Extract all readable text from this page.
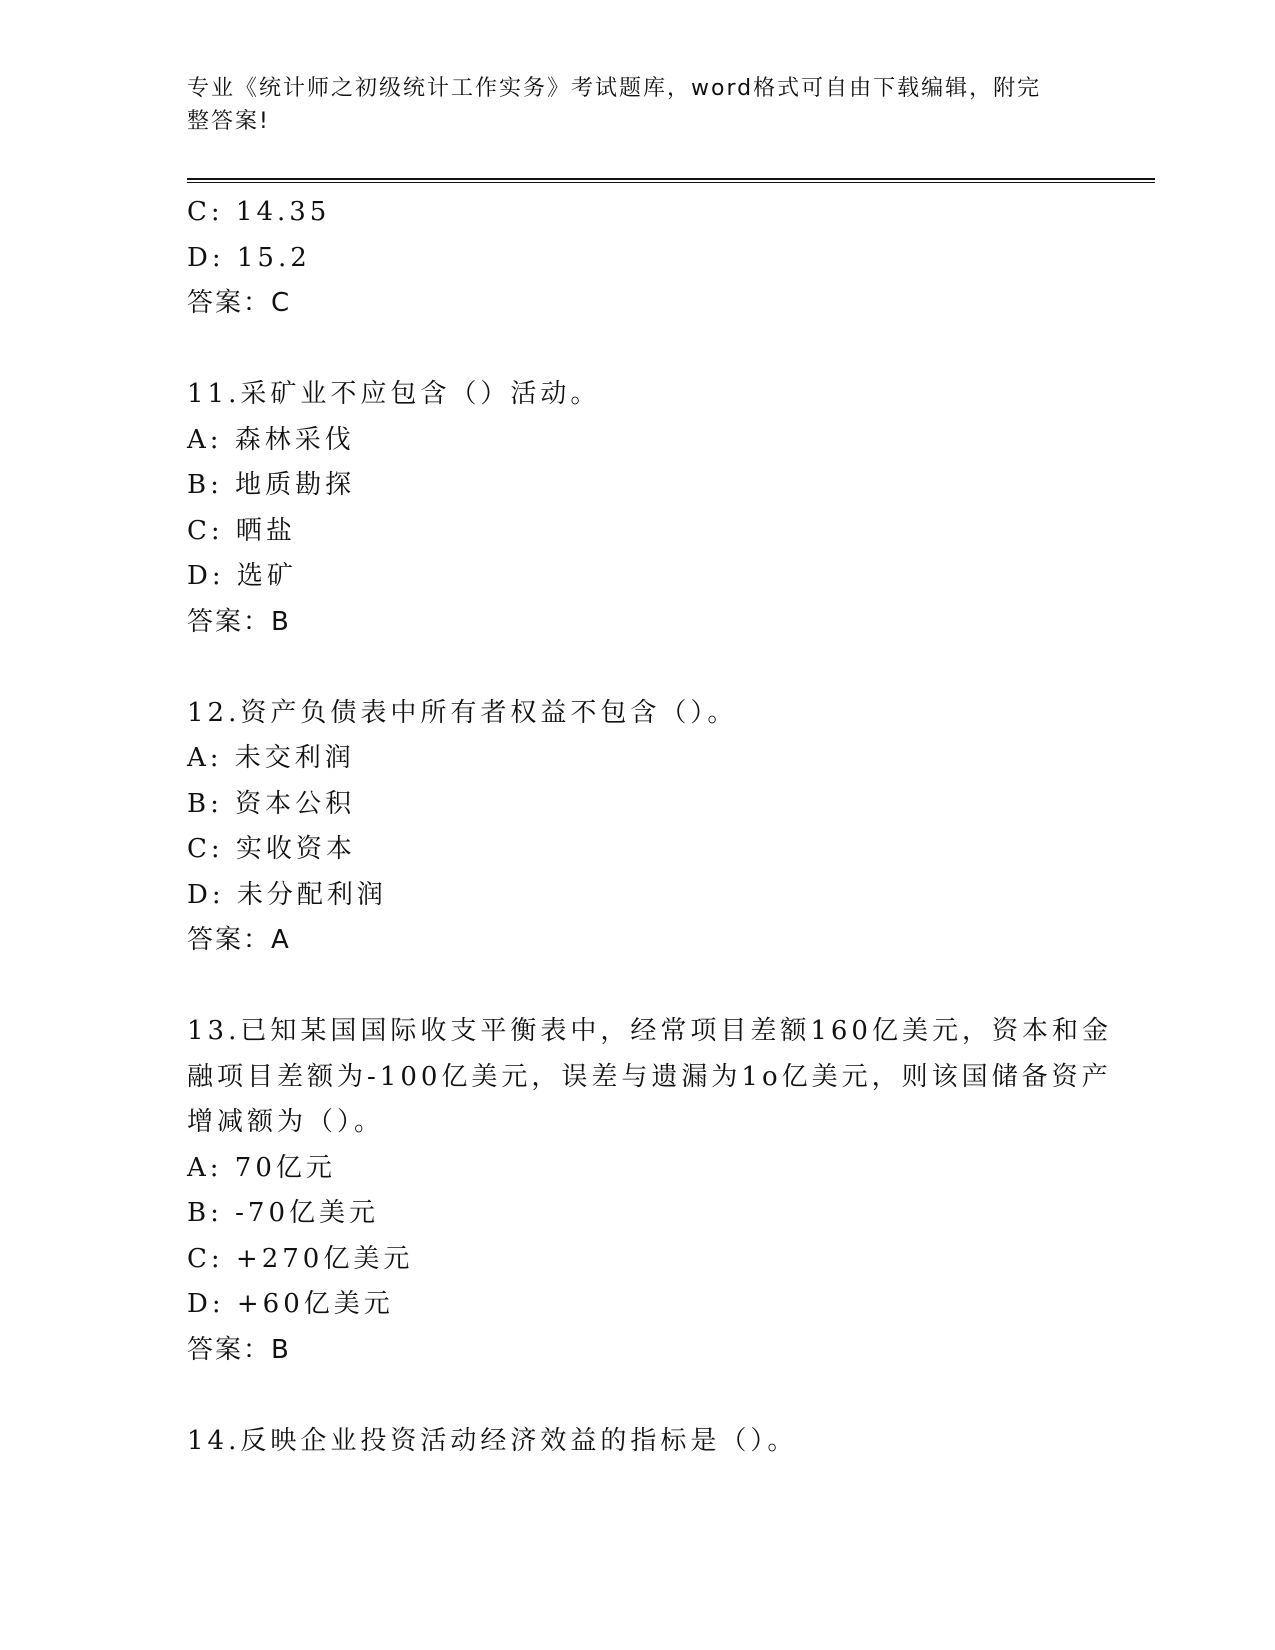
专业《统计师之初级统计工作实务》考试题库，word格式可自由下载编辑，附完
整答案!
C: 14.35
D: 15.2
答案：C
11.采矿业不应包含（）活动。
A: 森林采伐
B: 地质勘探
C: 晒盐
D: 选矿
答案：B
12.资产负债表中所有者权益不包含（）。
A: 未交利润
B: 资本公积
C: 实收资本
D: 未分配利润
答案：A
13.已知某国国际收支平衡表中，经常项目差额160亿美元，资本和金
融项目差额为-100亿美元，误差与遗漏为1o亿美元，则该国储备资产
增减额为（）。
A: 70亿元
B: -70亿美元
C: +270亿美元
D: +60亿美元
答案：B
14.反映企业投资活动经济效益的指标是（）。
